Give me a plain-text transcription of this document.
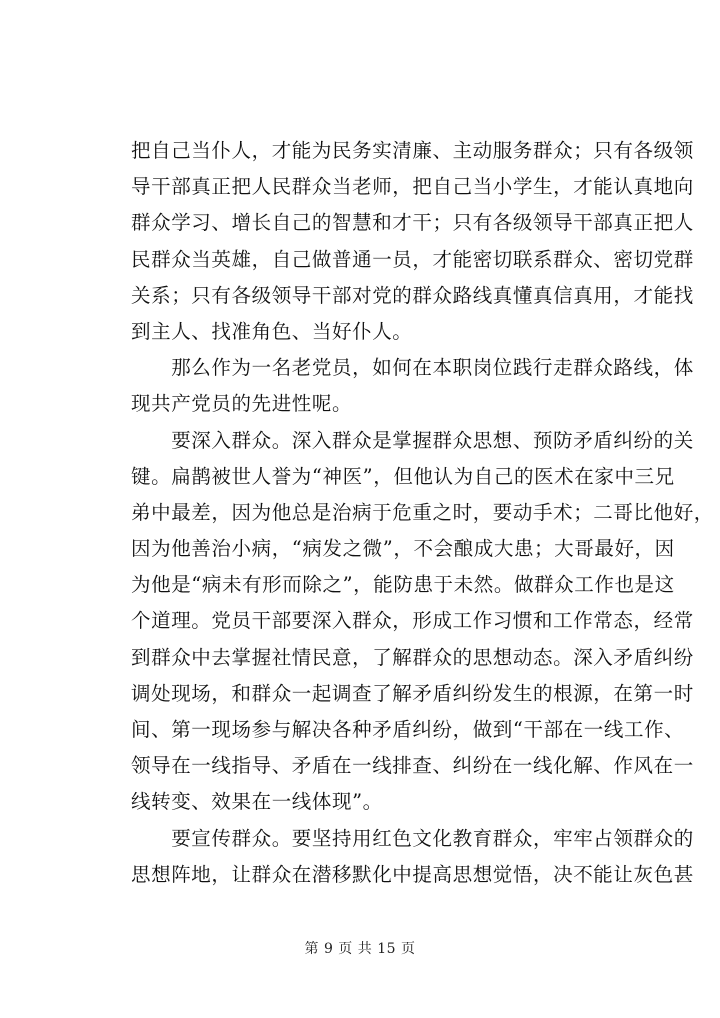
把自己当仆人，才能为民务实清廉、主动服务群众；只有各级领
导干部真正把人民群众当老师，把自己当小学生，才能认真地向
群众学习、增长自己的智慧和才干；只有各级领导干部真正把人
民群众当英雄，自己做普通一员，才能密切联系群众、密切党群
关系；只有各级领导干部对党的群众路线真懂真信真用，才能找
到主人、找准角色、当好仆人。
　　那么作为一名老党员，如何在本职岗位践行走群众路线，体
现共产党员的先进性呢。
　　要深入群众。深入群众是掌握群众思想、预防矛盾纠纷的关
键。扁鹊被世人誉为“神医”，但他认为自己的医术在家中三兄
弟中最差，因为他总是治病于危重之时，要动手术；二哥比他好，
因为他善治小病，“病发之微”，不会酿成大患；大哥最好，因
为他是“病未有形而除之”，能防患于未然。做群众工作也是这
个道理。党员干部要深入群众，形成工作习惯和工作常态，经常
到群众中去掌握社情民意，了解群众的思想动态。深入矛盾纠纷
调处现场，和群众一起调查了解矛盾纠纷发生的根源，在第一时
间、第一现场参与解决各种矛盾纠纷，做到“干部在一线工作、
领导在一线指导、矛盾在一线排查、纠纷在一线化解、作风在一
线转变、效果在一线体现”。
　　要宣传群众。要坚持用红色文化教育群众，牢牢占领群众的
思想阵地，让群众在潜移默化中提高思想觉悟，决不能让灰色甚
第 9 页 共 15 页
